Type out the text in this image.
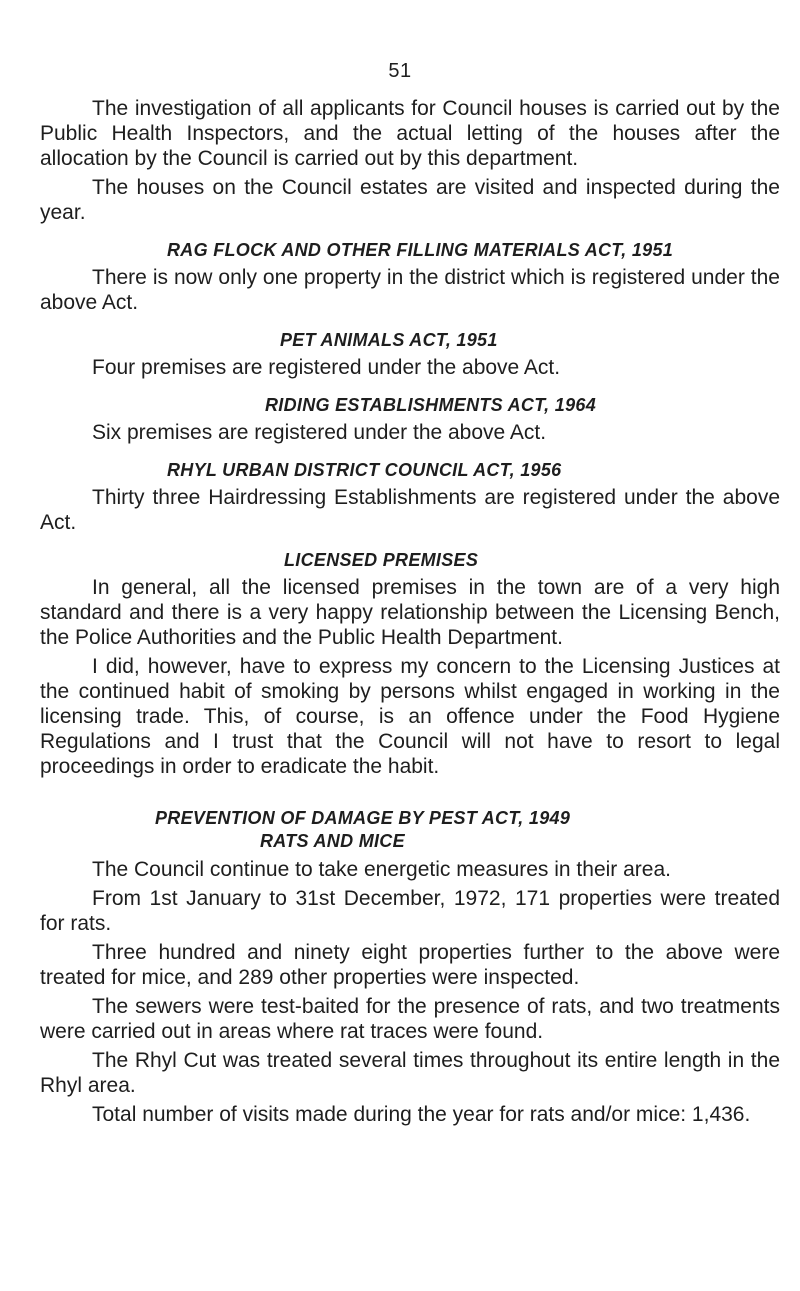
51

The investigation of all applicants for Council houses is carried out by the Public Health Inspectors, and the actual letting of the houses after the allocation by the Council is carried out by this department.

The houses on the Council estates are visited and inspected during the year.

RAG FLOCK AND OTHER FILLING MATERIALS ACT, 1951

There is now only one property in the district which is registered under the above Act.

PET ANIMALS ACT, 1951

Four premises are registered under the above Act.

RIDING ESTABLISHMENTS ACT, 1964

Six premises are registered under the above Act.

RHYL URBAN DISTRICT COUNCIL ACT, 1956

Thirty three Hairdressing Establishments are registered under the above Act.

LICENSED PREMISES

In general, all the licensed premises in the town are of a very high standard and there is a very happy relationship between the Licensing Bench, the Police Authorities and the Public Health Department.

I did, however, have to express my concern to the Licensing Justices at the continued habit of smoking by persons whilst engaged in working in the licensing trade. This, of course, is an offence under the Food Hygiene Regulations and I trust that the Council will not have to resort to legal proceedings in order to eradicate the habit.

PREVENTION OF DAMAGE BY PEST ACT, 1949
RATS AND MICE

The Council continue to take energetic measures in their area.

From 1st January to 31st December, 1972, 171 properties were treated for rats.

Three hundred and ninety eight properties further to the above were treated for mice, and 289 other properties were inspected.

The sewers were test-baited for the presence of rats, and two treatments were carried out in areas where rat traces were found.

The Rhyl Cut was treated several times throughout its entire length in the Rhyl area.

Total number of visits made during the year for rats and/or mice: 1,436.
